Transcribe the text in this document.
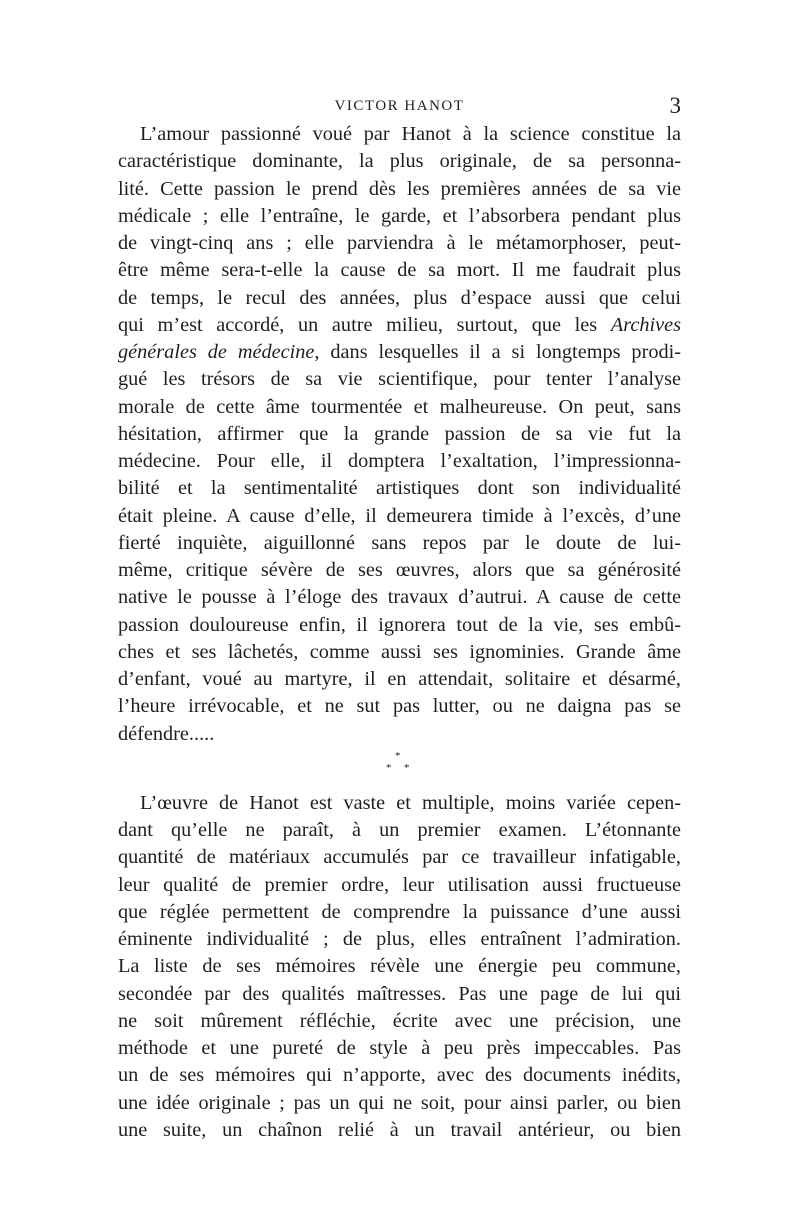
VICTOR HANOT	3
L’amour passionné voué par Hanot à la science constitue la
caractéristique dominante, la plus originale, de sa personna-
lité. Cette passion le prend dès les premières années de sa vie
médicale ; elle l’entraîne, le garde, et l’absorbera pendant plus
de vingt-cinq ans ; elle parviendra à le métamorphoser, peut-
être même sera-t-elle la cause de sa mort. Il me faudrait plus
de temps, le recul des années, plus d’espace aussi que celui
qui m’est accordé, un autre milieu, surtout, que les Archives
générales de médecine, dans lesquelles il a si longtemps prodi-
gué les trésors de sa vie scientifique, pour tenter l’analyse
morale de cette âme tourmentée et malheureuse. On peut, sans
hésitation, affirmer que la grande passion de sa vie fut la
médecine. Pour elle, il domptera l’exaltation, l’impressionna-
bilité et la sentimentalité artistiques dont son individualité
était pleine. A cause d’elle, il demeurera timide à l’excès, d’une
fierté inquiète, aiguillonné sans repos par le doute de lui-
même, critique sévère de ses œuvres, alors que sa générosité
native le pousse à l’éloge des travaux d’autrui. A cause de cette
passion douloureuse enfin, il ignorera tout de la vie, ses embû-
ches et ses lâchetés, comme aussi ses ignominies. Grande âme
d’enfant, voué au martyre, il en attendait, solitaire et désarmé,
l’heure irrévocable, et ne sut pas lutter, ou ne daigna pas se
défendre.....
*
* *
L’œuvre de Hanot est vaste et multiple, moins variée cepen-
dant qu’elle ne paraît, à un premier examen. L’étonnante
quantité de matériaux accumulés par ce travailleur infatigable,
leur qualité de premier ordre, leur utilisation aussi fructueuse
que réglée permettent de comprendre la puissance d’une aussi
éminente individualité ; de plus, elles entraînent l’admiration.
La liste de ses mémoires révèle une énergie peu commune,
secondée par des qualités maîtresses. Pas une page de lui qui
ne soit mûrement réfléchie, écrite avec une précision, une
méthode et une pureté de style à peu près impeccables. Pas
un de ses mémoires qui n’apporte, avec des documents inédits,
une idée originale ; pas un qui ne soit, pour ainsi parler, ou bien
une suite, un chaînon relié à un travail antérieur, ou bien
